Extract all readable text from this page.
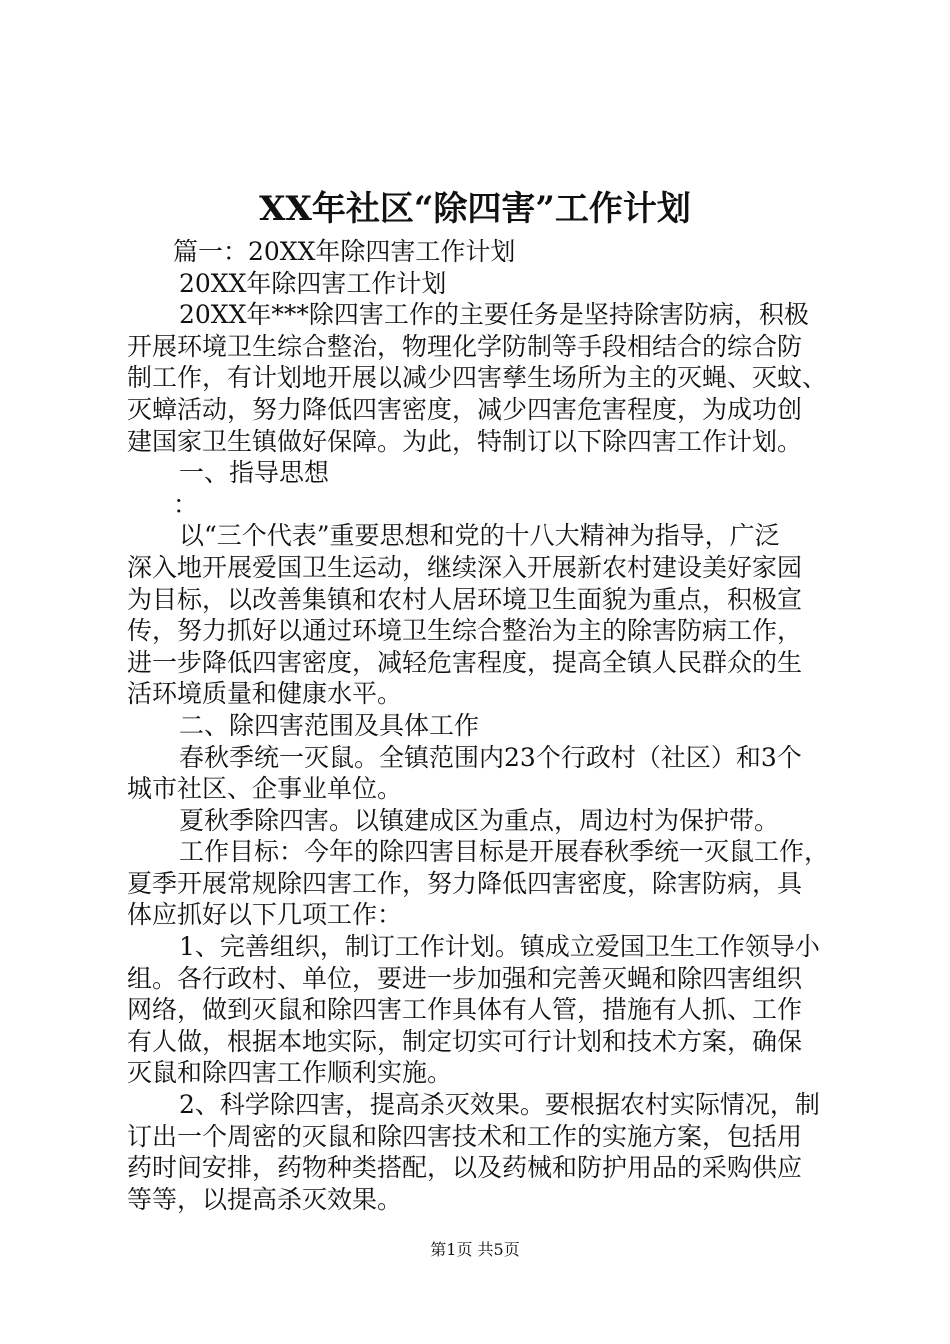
XX年社区“除四害”工作计划
篇一：20XX年除四害工作计划
20XX年除四害工作计划
20XX年***除四害工作的主要任务是坚持除害防病，积极
开展环境卫生综合整治，物理化学防制等手段相结合的综合防
制工作，有计划地开展以减少四害孳生场所为主的灭蝇、灭蚊、
灭蟑活动，努力降低四害密度，减少四害危害程度，为成功创
建国家卫生镇做好保障。为此，特制订以下除四害工作计划。
一、指导思想
：
以“三个代表”重要思想和党的十八大精神为指导，广泛
深入地开展爱国卫生运动，继续深入开展新农村建设美好家园
为目标，以改善集镇和农村人居环境卫生面貌为重点，积极宣
传，努力抓好以通过环境卫生综合整治为主的除害防病工作，
进一步降低四害密度，减轻危害程度，提高全镇人民群众的生
活环境质量和健康水平。
二、除四害范围及具体工作
春秋季统一灭鼠。全镇范围内23个行政村（社区）和3个
城市社区、企事业单位。
夏秋季除四害。以镇建成区为重点，周边村为保护带。
工作目标：今年的除四害目标是开展春秋季统一灭鼠工作，
夏季开展常规除四害工作，努力降低四害密度，除害防病，具
体应抓好以下几项工作：
1、完善组织，制订工作计划。镇成立爱国卫生工作领导小
组。各行政村、单位，要进一步加强和完善灭蝇和除四害组织
网络，做到灭鼠和除四害工作具体有人管，措施有人抓、工作
有人做，根据本地实际，制定切实可行计划和技术方案，确保
灭鼠和除四害工作顺利实施。
2、科学除四害，提高杀灭效果。要根据农村实际情况，制
订出一个周密的灭鼠和除四害技术和工作的实施方案，包括用
药时间安排，药物种类搭配，以及药械和防护用品的采购供应
等等，以提高杀灭效果。
第1页 共5页
